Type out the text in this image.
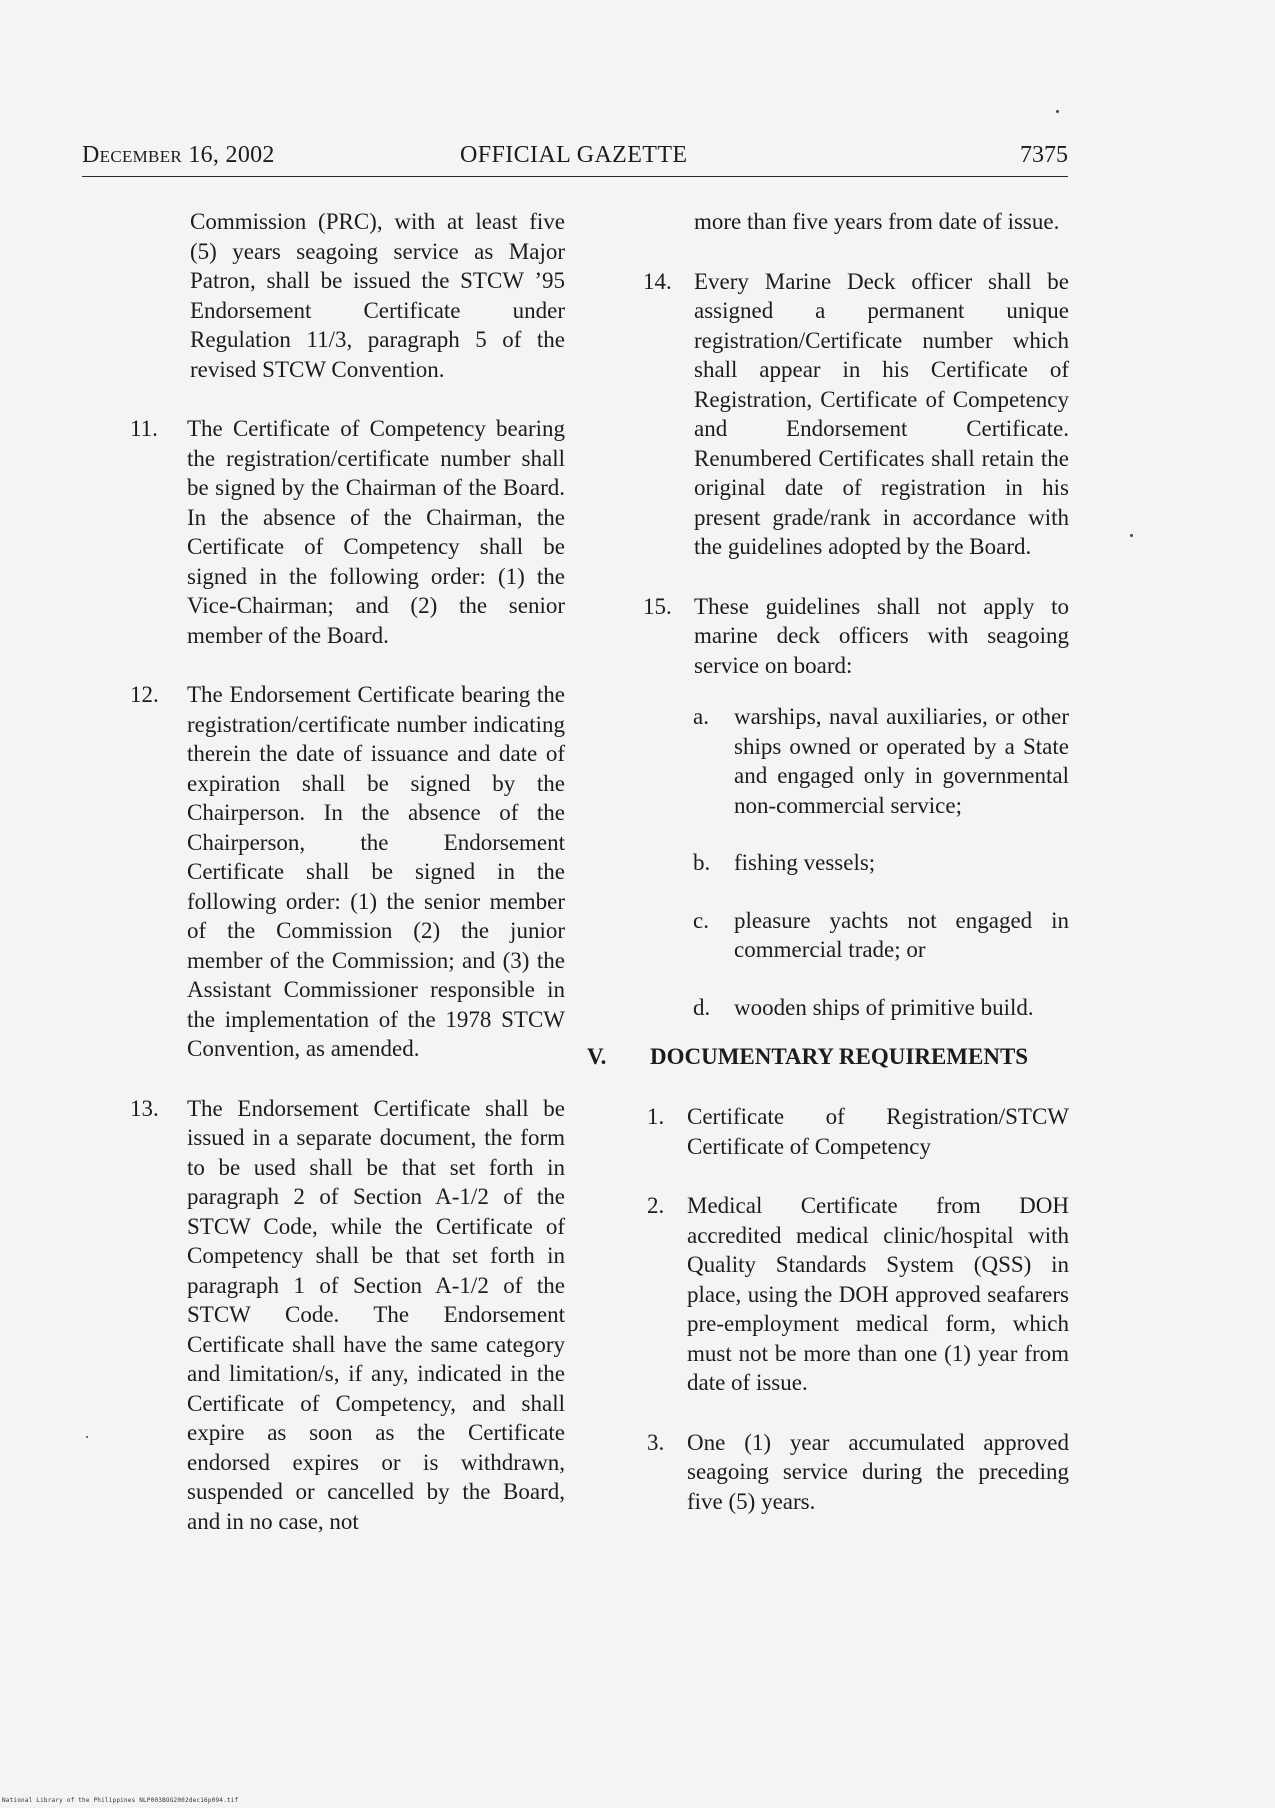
December 16, 2002	OFFICIAL GAZETTE	7375

Commission (PRC), with at least five (5) years seagoing service as Major Patron, shall be issued the STCW ’95 Endorsement Certificate under Regulation 11/3, paragraph 5 of the revised STCW Convention.

11. The Certificate of Competency bearing the registration/certificate number shall be signed by the Chairman of the Board. In the absence of the Chairman, the Certificate of Competency shall be signed in the following order: (1) the Vice-Chairman; and (2) the senior member of the Board.
12. The Endorsement Certificate bearing the registration/certificate number indicating therein the date of issuance and date of expiration shall be signed by the Chairperson. In the absence of the Chairperson, the Endorsement Certificate shall be signed in the following order: (1) the senior member of the Commission (2) the junior member of the Commission; and (3) the Assistant Commissioner responsible in the implementation of the 1978 STCW Convention, as amended.
13. The Endorsement Certificate shall be issued in a separate document, the form to be used shall be that set forth in paragraph 2 of Section A-1/2 of the STCW Code, while the Certificate of Competency shall be that set forth in paragraph 1 of Section A-1/2 of the STCW Code. The Endorsement Certificate shall have the same category and limitation/s, if any, indicated in the Certificate of Competency, and shall expire as soon as the Certificate endorsed expires or is withdrawn, suspended or cancelled by the Board, and in no case, not

more than five years from date of issue.

14. Every Marine Deck officer shall be assigned a permanent unique registration/Certificate number which shall appear in his Certificate of Registration, Certificate of Competency and Endorsement Certificate. Renumbered Certificates shall retain the original date of registration in his present grade/rank in accordance with the guidelines adopted by the Board.
15. These guidelines shall not apply to marine deck officers with seagoing service on board:
a. warships, naval auxiliaries, or other ships owned or operated by a State and engaged only in governmental non-commercial service;
b. fishing vessels;
c. pleasure yachts not engaged in commercial trade; or
d. wooden ships of primitive build.
V. DOCUMENTARY REQUIREMENTS
1. Certificate of Registration/STCW Certificate of Competency
2. Medical Certificate from DOH accredited medical clinic/hospital with Quality Standards System (QSS) in place, using the DOH approved seafarers pre-employment medical form, which must not be more than one (1) year from date of issue.
3. One (1) year accumulated approved seagoing service during the preceding five (5) years.
National Library of the Philippines NLP003BOG2002dec16p094.tif
